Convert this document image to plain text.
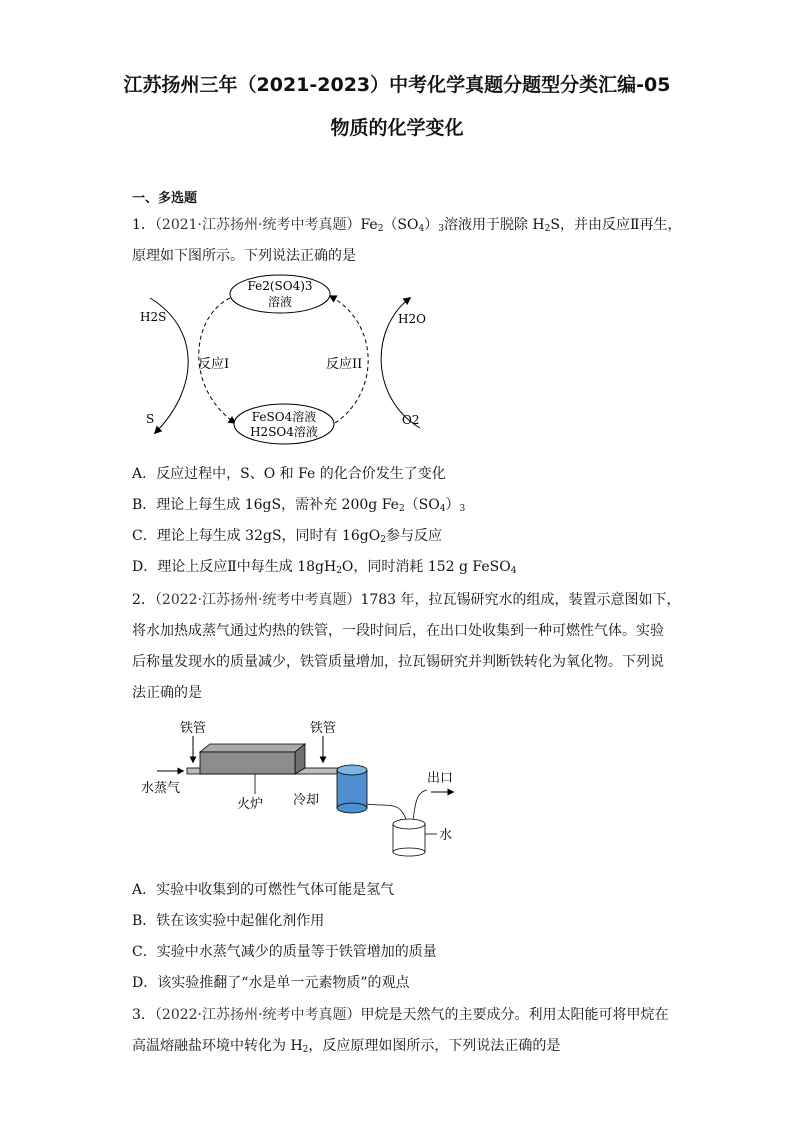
江苏扬州三年（2021-2023）中考化学真题分题型分类汇编-05
物质的化学变化
一、多选题
1．（2021·江苏扬州·统考中考真题）$Fe_2(SO_4)_3$溶液用于脱除 $H_2S$，并由反应Ⅱ再生，
原理如下图所示。下列说法正确的是
Fe2(SO4)3
溶液
FeSO4溶液
H2SO4溶液
H2S
S
反应I
H2O
O2
反应II
A．反应过程中，S、O 和 Fe 的化合价发生了变化
B．理论上每生成 16gS，需补充 200g $Fe_2(SO_4)_3$
C．理论上每生成 32gS，同时有 $16gO_2$参与反应
D．理论上反应Ⅱ中每生成 $18gH_2O$，同时消耗 152 g FeSO$_4$
2．（2022·江苏扬州·统考中考真题）1783 年，拉瓦锡研究水的组成，装置示意图如下，
将水加热成蒸气通过灼热的铁管，一段时间后，在出口处收集到一种可燃性气体。实验
后称量发现水的质量减少，铁管质量增加，拉瓦锡研究并判断铁转化为氧化物。下列说
法正确的是
铁管	铁管
水蒸气
火炉 冷却
水
出口
A．实验中收集到的可燃性气体可能是氢气
B．铁在该实验中起催化剂作用
C．实验中水蒸气减少的质量等于铁管增加的质量
D．该实验推翻了“水是单一元素物质”的观点
3．（2022·江苏扬州·统考中考真题）甲烷是天然气的主要成分。利用太阳能可将甲烷在
高温熔融盐环境中转化为 $H_2$，反应原理如图所示，下列说法正确的是
